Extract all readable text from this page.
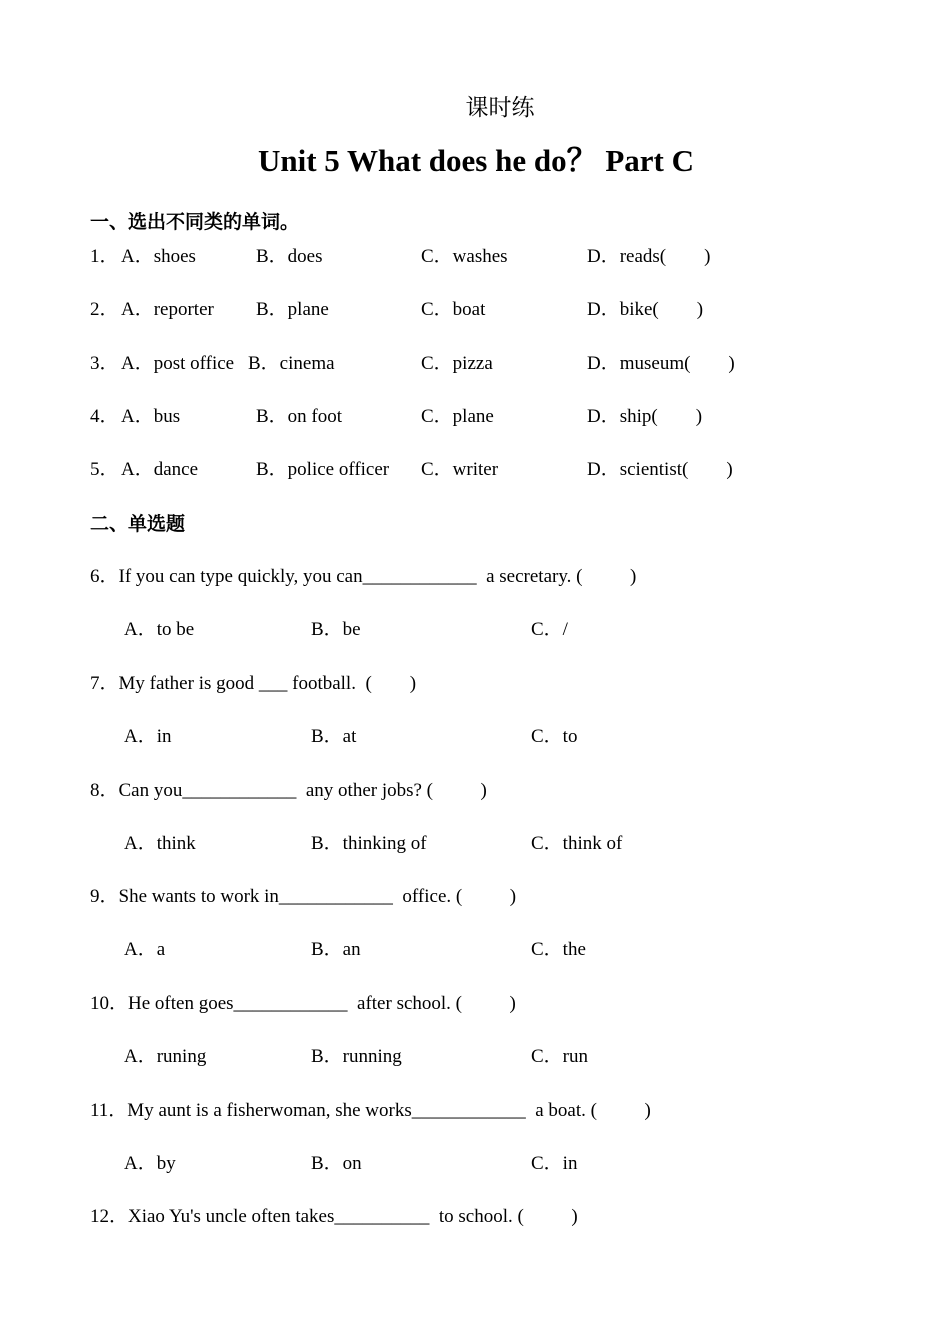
课时练
Unit 5 What does he do？ Part C
一、选出不同类的单词。
1． A．shoes	B．does	C．washes	D．reads(        )
2． A．reporter B．plane	C．boat	D．bike(        )
3． A．post office B．cinema	C．pizza	D．museum(        )
4． A．bus	B．on foot	C．plane	D．ship(        )
5． A．dance	B．police officer C．writer	D．scientist(        )
二、单选题
6．If you can type quickly, you can____________  a secretary. (          )
A．to be	B．be	C．/
7．My father is good ___ football.  (        )
A．in	B．at	C．to
8．Can you____________  any other jobs? (          )
A．think	B．thinking of	C．think of
9．She wants to work in____________  office. (          )
A．a	B．an	C．the
10．He often goes____________  after school. (          )
A．runing	B．running	C．run
11．My aunt is a fisherwoman, she works____________  a boat. (          )
A．by	B．on	C．in
12．Xiao Yu's uncle often takes__________  to school. (          )
